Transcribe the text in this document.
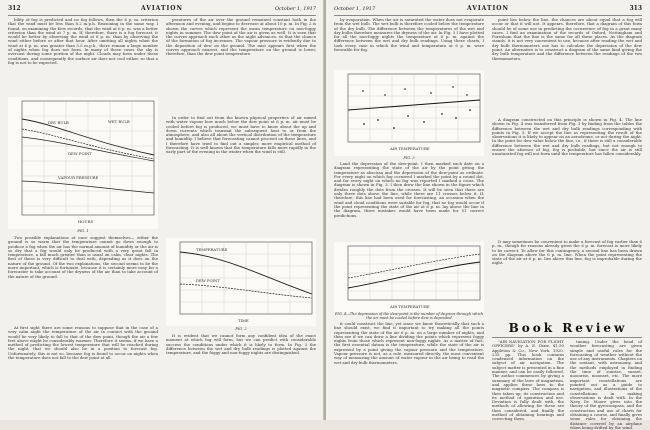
312	AVIATION	October 1, 1917

bility of fog is predicted and no fog follows, then the 6 p. m. criterion that the wind must be less than 8.2 m.p.h. Reasoning in the same way, I found, on examining the Kew records, that the wind at 6 p. m. was a better criterion than the wind at 7 p. m. If, therefore, there is a fog forecast, it would be better by observing the wind at 6 p. m. than by observing the wind either before or after that hour. After omitting all nights when the wind at 6 p. m. was greater than 5.5 m.p.h., there remain a large number of nights when fog does not form. In many of these cases the sky is overcast during some portion of the night. Clouds may form under these conditions, and consequently the surface air does not cool either, so that a fog is not to be expected.

WET BULB
DRY BULB
DEW POINT
VAPOUR PRESSURE
HOURS
FIG. 1

Two possible explanations at once suggest themselves— either the ground is so warm that the temperature cannot go down enough to produce a fog when the air has the normal amount of humidity or the air is so dry that a fog would only be produced with a very great fall in temperature, a fall much greater than is usual on calm, clear nights. The first of these is very difficult to deal with, depending as it does on the nature of the ground. Of the two explanations, the second seems to be the more important, which is fortunate, because it is certainly more easy for a forecaster to take account of the dryness of the air than to take account of the nature of the ground.

At first sight there are some reasons to suppose that in the case of a very calm night the temperature of the air in contact with the ground would be very likely to fall to that of the dew point, though the air a few feet above might be considerably warmer. Therefore it seems, if we have a method of predicting the lowest temperature that will be reached during the night, that we should also be in a position to forecast fog. Unfortunately, this is not so, because fog is found to occur on nights when the temperature does not fall to the dew point at all.

peratures of the air over the ground remained constant both in the afternoon and evening, and begins to decrease at about 10 p. m. In Fig. 2 is shown the curves which represent the mean temperature on non-foggy nights in summer. The dew point of the air is given as well. It is seen that the curves approach each other as the night advances, so that the chance of the formation of fog increases. The vapour pressure is evidently due to the deposition of dew on the ground. The mist appears first when the curves approach nearest, and the temperature on the ground is lower, therefore, than the dew point temperature.

In order to find out from the known physical properties of air mixed with water vapour how much below the dew point at 6 p. m. air must be cooled before fog is produced, we must have to know about the up and down currents which transmit the subsequent heat to or from the atmosphere, and also all about the vertical distribution of the temperature and humidity. I believe that forecasting cannot proceed on these lines, and I therefore have tried to find out a simpler, more empirical method of forecasting. It is well known that the temperature falls more rapidly in the early part of the evening in the winter when the wind is still.

TEMPERATURE
DEW POINT
TIME
FIG. 2

It is evident that we cannot form any confident idea of the exact moment at which fog will form, but we can predict with considerable success the conditions under which it is likely to form. In Fig. 3 the difference between the wet and dry bulb readings is plotted against the temperature, and the foggy and non-foggy nights are distinguished.

October 1, 1917	AVIATION	313

by evaporation. When the air is saturated the water does not evaporate from the wet bulb. The wet bulb is therefore cooled below the temperature of the dry bulb. The difference between the temperatures of the wet and dry bulbs therefore measures the dryness of the air. In Fig. 3 I have plotted for all the non-foggy nights the temperature at 6 p. m. against the difference between the wet and dry bulb readings. Using these charts, I took every case in which the wind and temperature at 6 p. m. were favorable for fog.

AIR TEMPERATURE
FIG. 3

Land the depression of the dew-point. I then marked each date on a diagram representing the state of the air by the point giving the temperature as abscissa and the depression of the dew-point as ordinate. For every night on which fog occurred I marked the point by a round dot, and for every night on which no fog was reported I marked a cross. The diagram is shown in Fig. 3. I then drew the line shown in the figure which divides roughly the dots from the crosses. It will be seen that there are only three dots above the line, while there are 11 crosses below it. If, therefore, this line had been used for forecasting, an occasion when the wind and cloud conditions were suitable for fog, that no fog would occur if the point representing the state of the air at 6 p. m. lay above the line in the diagram, three mistakes would have been made for 51 correct predictions.

AIR TEMPERATURE
FIG. 4—The depression of the dew-point is the number of degrees through which the air must be cooled before dew is deposited

it could construct the line, yet since we know theoretically that such a line should exist, we find it important to try making all the points representing the state of the air 6 p. m. on a large number of nights, and then see if we can draw a line dividing the points which represent foggy nights from those which represent non-foggy nights. As a matter of fact, the first essential datum is the temperature, while the state of the air is expressed by a point giving the vapour pressure and the temperature. Vapour pressure is not, as a rule, measured directly, the most convenient way of measuring the amount of water vapour in the air being to read the wet and dry bulb thermometers.

point lies below the line, the chances are about equal that a fog will occur or that it will not. It appears, therefore, that a diagram of this form should be of some use in predicting the occurrence of fog in a great many cases. I find an examination of the records of Oxford, Nottingham and Foresham that the line is the same for all these places. As the diagram stands, it is not very convenient to use, because after reading the wet and dry bulb thermometers one has to calculate the depression of the dew point. An alternative is to construct a diagram of the same kind giving the dry bulb temperature and the difference between the readings of the two thermometers.

A diagram constructed on this principle is shown in Fig. 4. The line shown in Fig. 4 was transferred from Fig. 3 by finding from the tables the difference between the wet and dry bulb readings corresponding with points in Fig. 3. If we accept the line as representing the result of the observations it is likely to appear on an aerodrome, or not during the night. In the point for dew value below the line, i.e., if there is still a considerable difference between the wet and dry bulb readings, but not enough to ensure the absence of fog, fog is probable, but since the air is still unsaturated fog will not form until the temperature has fallen considerably.

It may sometimes be convenient to make a forecast of fog earlier than 6 p. m., though for reasons already given the 6 p. m. forecast is more likely to be correct. To allow for this contingency, a second line has been drawn on the diagram above the 6 p. m. line. When the point representing the state of the air at 6 p. m. lies above this line, fog is improbable during the night.

Book Review

"AIR NAVIGATION FOR FLIGHT OFFICERS" by A. E. Dixie. $1.50 Appleton & Co., New York. 1920. 235 pp. This book contains condensed information on the subject of air navigation. The subject matter is presented in a fine manner, and can be easily followed. The author commences by giving a summary of the laws of magnetism, and applies these laws to the magnetic compass. The compass is then taken up, its construction and its method of operation and use. Deviation is fully dealt with, the methods of allowing for these are then considered, and finally the method of obtaining bearings and correcting them.

tuning. Under the head of weather forecasting are given simple and useful rules for the forecasting of weather without the use of any instruments. Chapters on the sextant, with astronomy, and the methods employed in finding the time of sunrise, sunset, moonrise, moonset, etc. The more important constellations are pointed out as a guide to navigation, and illustrations of the constellations in making observations is dealt with. In the Navy Dr. Moore gives into the theory of the gyrocompass, and the construction and use of charts for obtaining a course, and finally gives some rules for obtaining the distance covered by an airplane when being drifted by the wind.
